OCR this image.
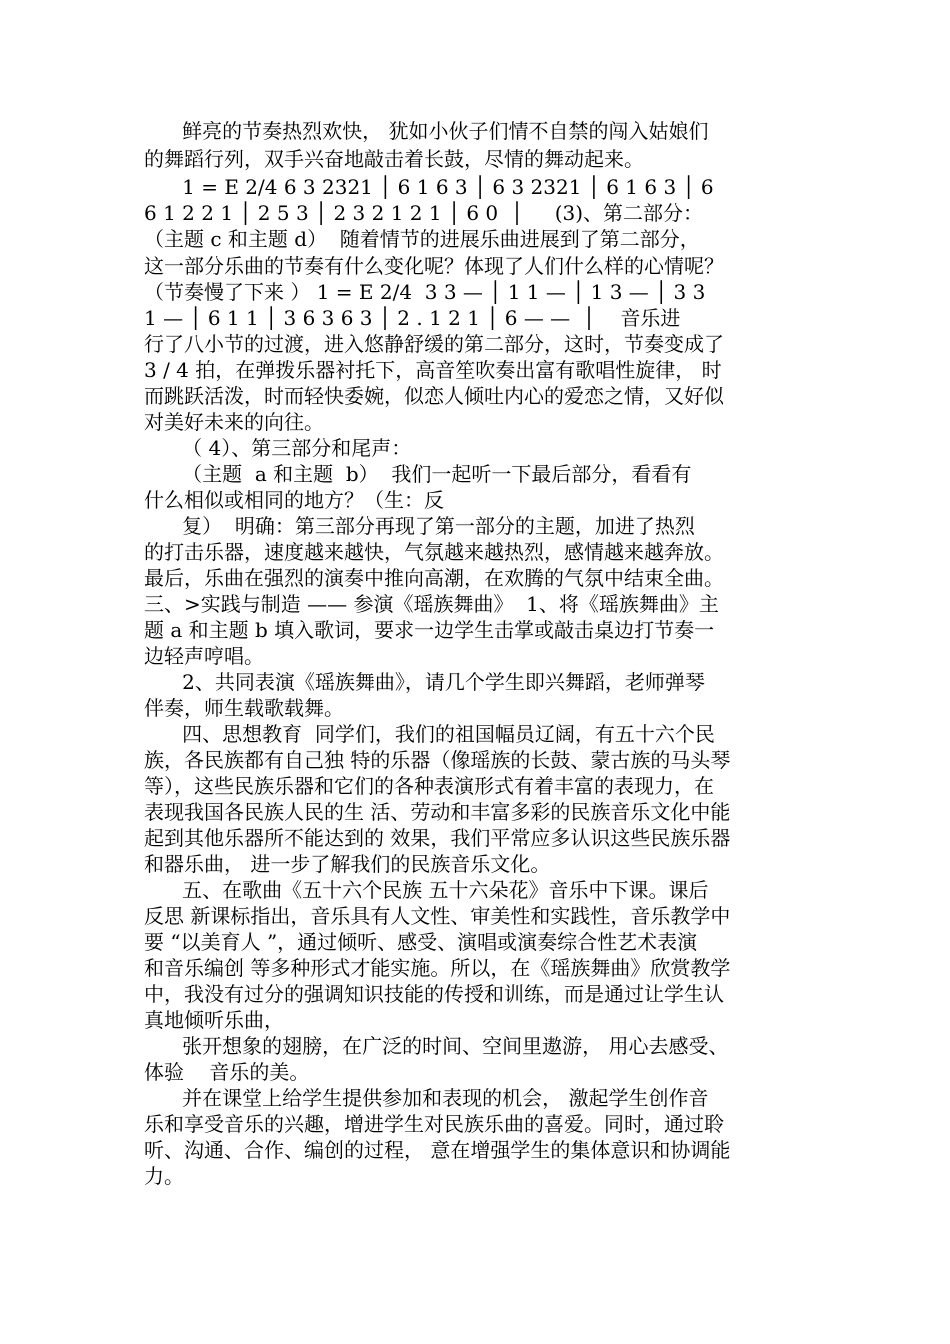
鲜亮的节奏热烈欢快， 犹如小伙子们情不自禁的闯入姑娘们

的舞蹈行列，双手兴奋地敲击着长鼓，尽情的舞动起来。

1 = E 2/4 6 3 2321 │ 6 1 6 3 │ 6 3 2321 │ 6 1 6 3 │ 6

6 1 2 2 1 │ 2 5 3 │ 2 3 2 1 2 1 │ 6 0  │     (3)、第二部分：

（主题 c 和主题 d）  随着情节的进展乐曲进展到了第二部分，

这一部分乐曲的节奏有什么变化呢？体现了人们什么样的心情呢？

（节奏慢了下来 ） 1 = E 2/4  3 3 — │ 1 1 — │ 1 3 — │ 3 3

1 — │ 6 1 1 │ 3 6 3 6 3 │ 2 . 1 2 1 │ 6 — —  │    音乐进

行了八小节的过渡，进入悠静舒缓的第二部分，这时，节奏变成了

3 / 4 拍，在弹拨乐器衬托下，高音笙吹奏出富有歌唱性旋律， 时

而跳跃活泼，时而轻快委婉，似恋人倾吐内心的爱恋之情，又好似

对美好未来的向往。

（ 4）、第三部分和尾声：

（主题  a 和主题  b）  我们一起听一下最后部分，看看有

什么相似或相同的地方？（生：反

复）  明确：第三部分再现了第一部分的主题，加进了热烈

的打击乐器，速度越来越快，气氛越来越热烈，感情越来越奔放。

最后，乐曲在强烈的演奏中推向高潮，在欢腾的气氛中结束全曲。

三、>实践与制造 —— 参演《瑶族舞曲》  1、将《瑶族舞曲》主

题 a 和主题 b 填入歌词，要求一边学生击掌或敲击桌边打节奏一

边轻声哼唱。

2、共同表演《瑶族舞曲》，请几个学生即兴舞蹈，老师弹琴

伴奏，师生载歌载舞。

四、思想教育  同学们，我们的祖国幅员辽阔，有五十六个民

族，各民族都有自己独 特的乐器（像瑶族的长鼓、蒙古族的马头琴

等），这些民族乐器和它们的各种表演形式有着丰富的表现力，在

表现我国各民族人民的生 活、劳动和丰富多彩的民族音乐文化中能

起到其他乐器所不能达到的 效果，我们平常应多认识这些民族乐器

和器乐曲， 进一步了解我们的民族音乐文化。

五、在歌曲《五十六个民族 五十六朵花》音乐中下课。课后

反思 新课标指出，音乐具有人文性、审美性和实践性，音乐教学中

要 “以美育人 ”，通过倾听、感受、演唱或演奏综合性艺术表演

和音乐编创 等多种形式才能实施。所以，在《瑶族舞曲》欣赏教学

中，我没有过分的强调知识技能的传授和训练，而是通过让学生认

真地倾听乐曲，

张开想象的翅膀，在广泛的时间、空间里遨游， 用心去感受、

体验    音乐的美。

并在课堂上给学生提供参加和表现的机会， 激起学生创作音

乐和享受音乐的兴趣，增进学生对民族乐曲的喜爱。同时，通过聆

听、沟通、合作、编创的过程， 意在增强学生的集体意识和协调能

力。
